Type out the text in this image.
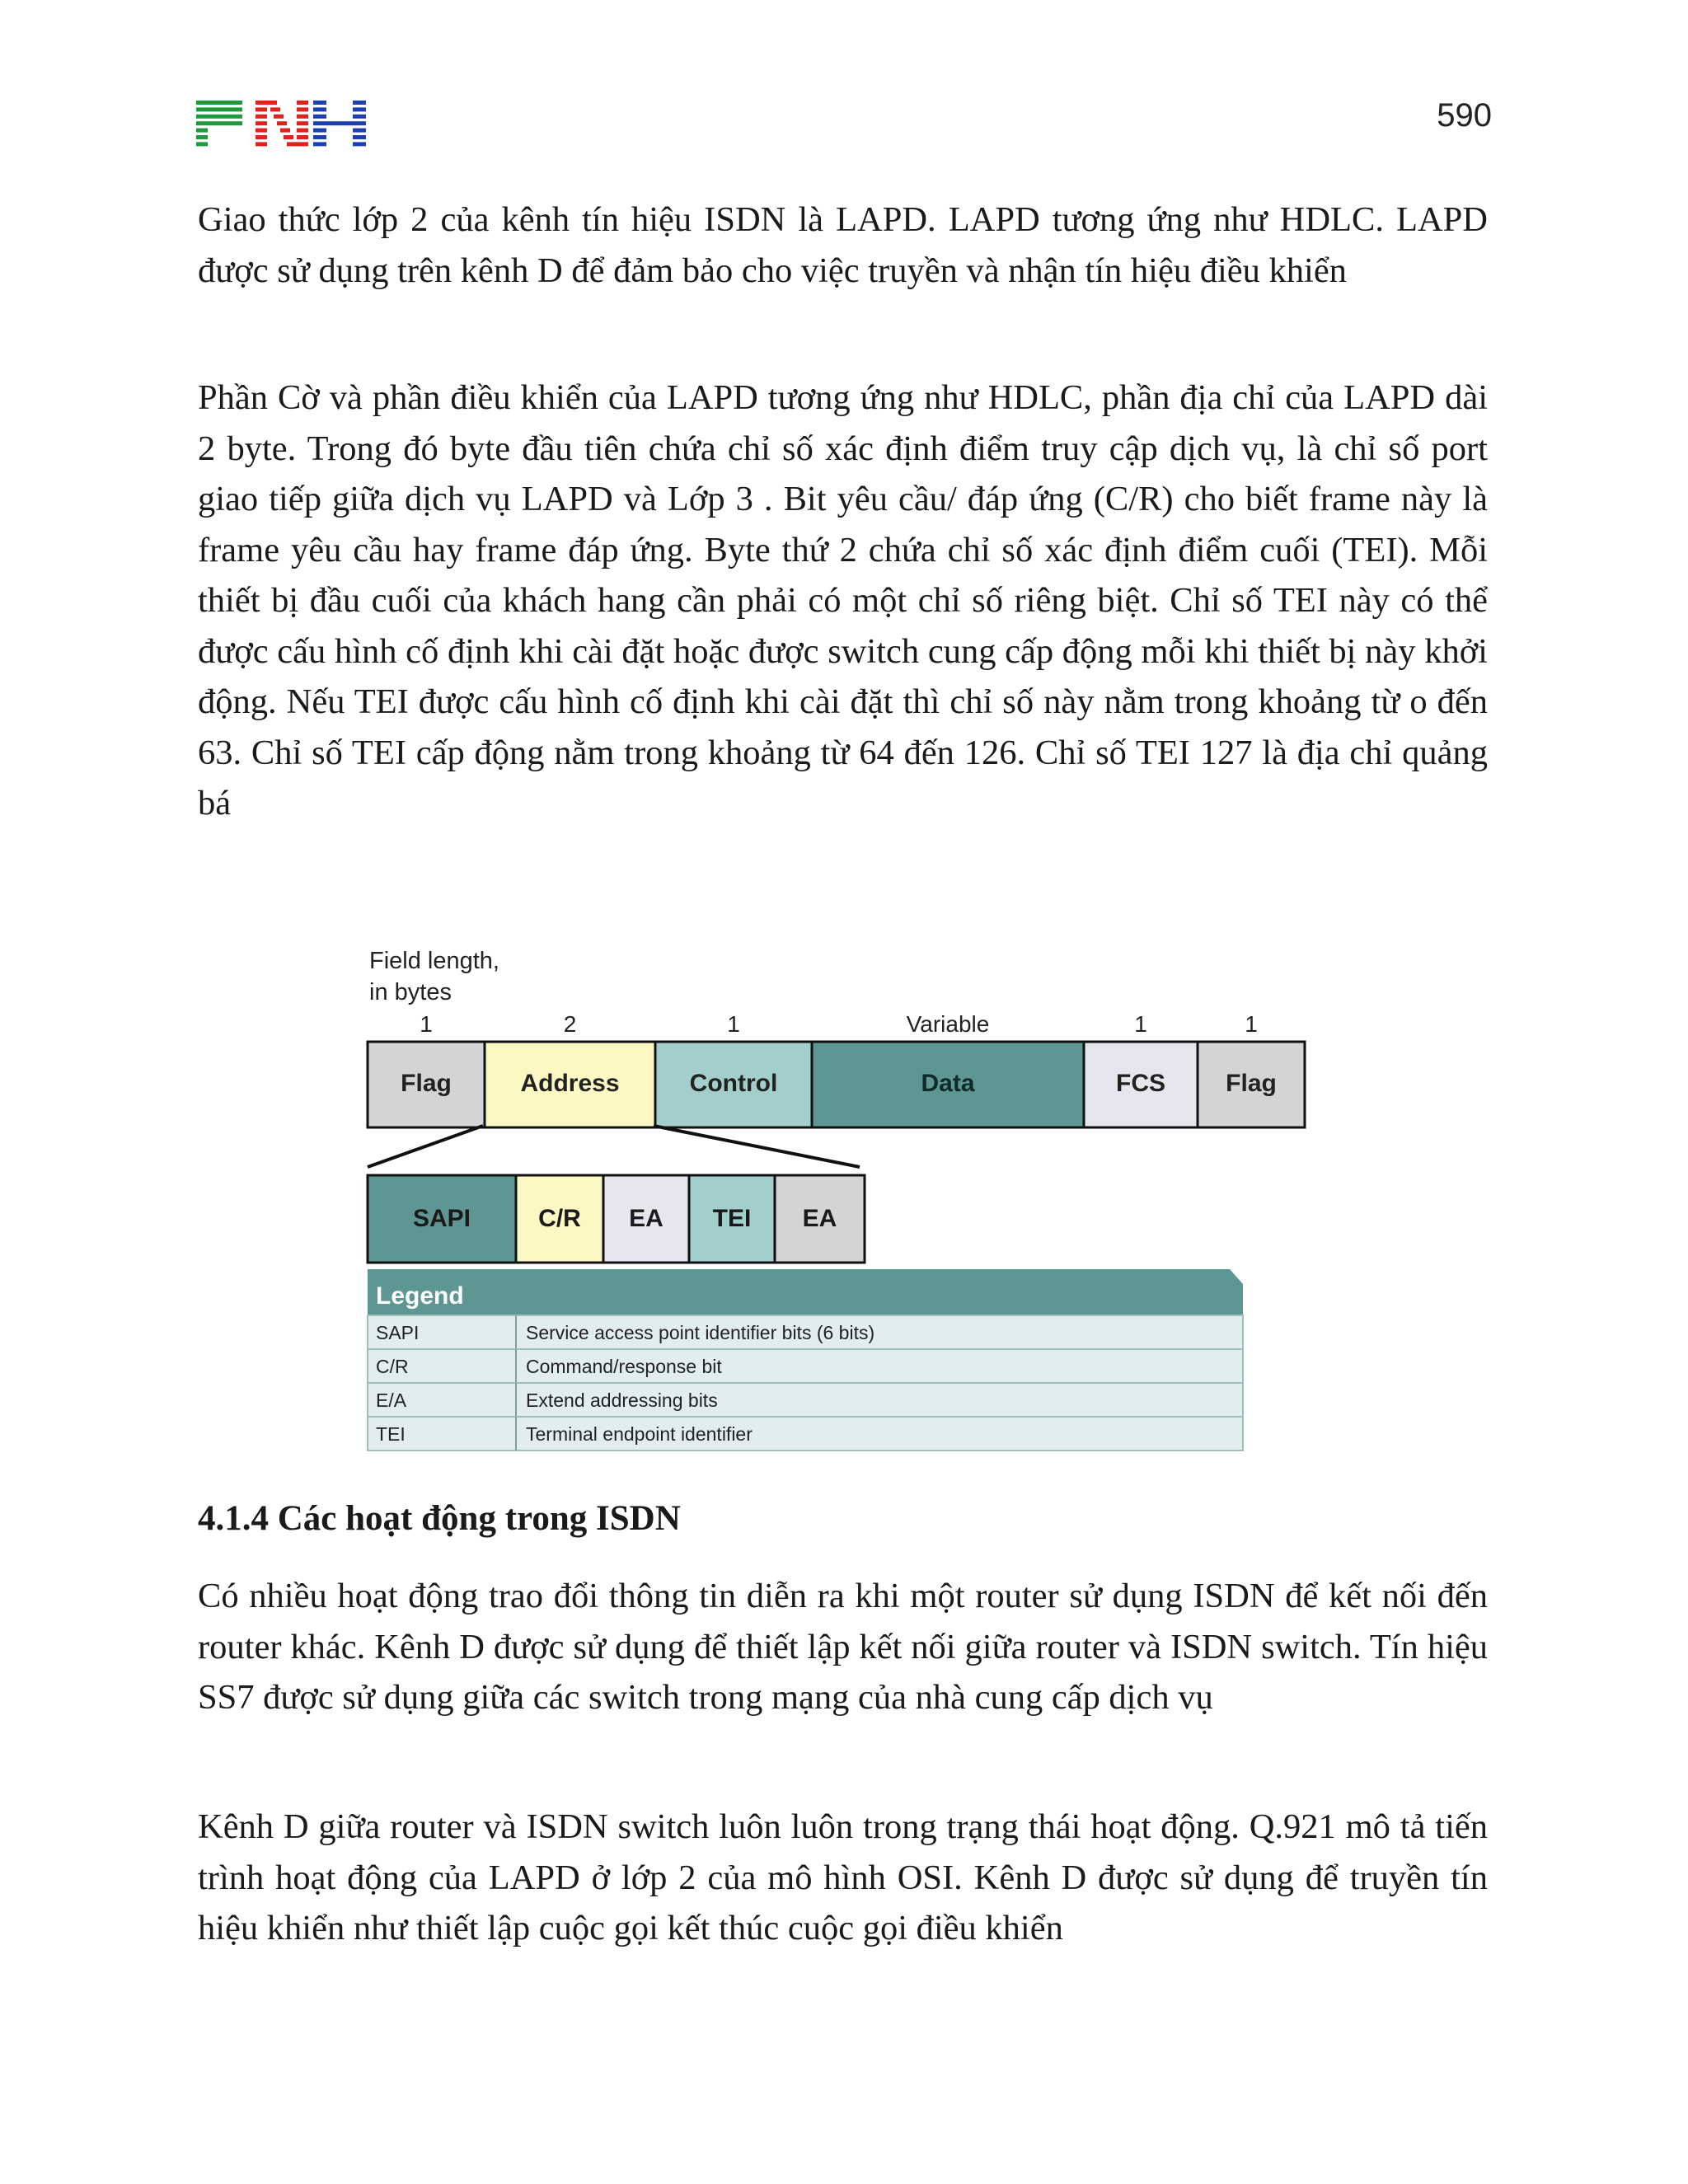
590

Giao thức lớp 2 của kênh tín hiệu ISDN là LAPD. LAPD tương ứng như HDLC. LAPD được sử dụng trên kênh D để đảm bảo cho việc truyền và nhận tín hiệu điều khiển

Phần Cờ và phần điều khiển của LAPD tương ứng như HDLC, phần địa chỉ của LAPD dài 2 byte. Trong đó byte đầu tiên chứa chỉ số xác định điểm truy cập dịch vụ, là chỉ số port giao tiếp giữa dịch vụ LAPD và Lớp 3 . Bit yêu cầu/ đáp ứng (C/R) cho biết frame này là frame yêu cầu hay frame đáp ứng. Byte thứ 2 chứa chỉ số xác định điểm cuối (TEI). Mỗi thiết bị đầu cuối của khách hang cần phải có một chỉ số riêng biệt. Chỉ số TEI này có thể được cấu hình cố định khi cài đặt hoặc được switch cung cấp động mỗi khi thiết bị này khởi động. Nếu TEI được cấu hình cố định khi cài đặt thì chỉ số này nằm trong khoảng từ o đến 63. Chỉ số TEI cấp động nằm trong khoảng từ 64 đến 126. Chỉ số TEI 127 là địa chỉ quảng bá

Field length,
in bytes
Flag
1
Address
2
Control
1
Data
Variable
FCS
1
Flag
1
SAPI	C/R EA TEI EA
Legend
SAPI	Service access point identifier bits (6 bits)
C/R	Command/response bit
E/A	Extend addressing bits
TEI	Terminal endpoint identifier
4.1.4 Các hoạt động trong ISDN

Có nhiều hoạt động trao đổi thông tin diễn ra khi một router sử dụng ISDN để kết nối đến router khác. Kênh D được sử dụng để thiết lập kết nối giữa router và ISDN switch. Tín hiệu SS7 được sử dụng giữa các switch trong mạng của nhà cung cấp dịch vụ

Kênh D giữa router và ISDN switch luôn luôn trong trạng thái hoạt động. Q.921 mô tả tiến trình hoạt động của LAPD ở lớp 2 của mô hình OSI. Kênh D được sử dụng để truyền tín hiệu khiển như thiết lập cuộc gọi kết thúc cuộc gọi điều khiển
